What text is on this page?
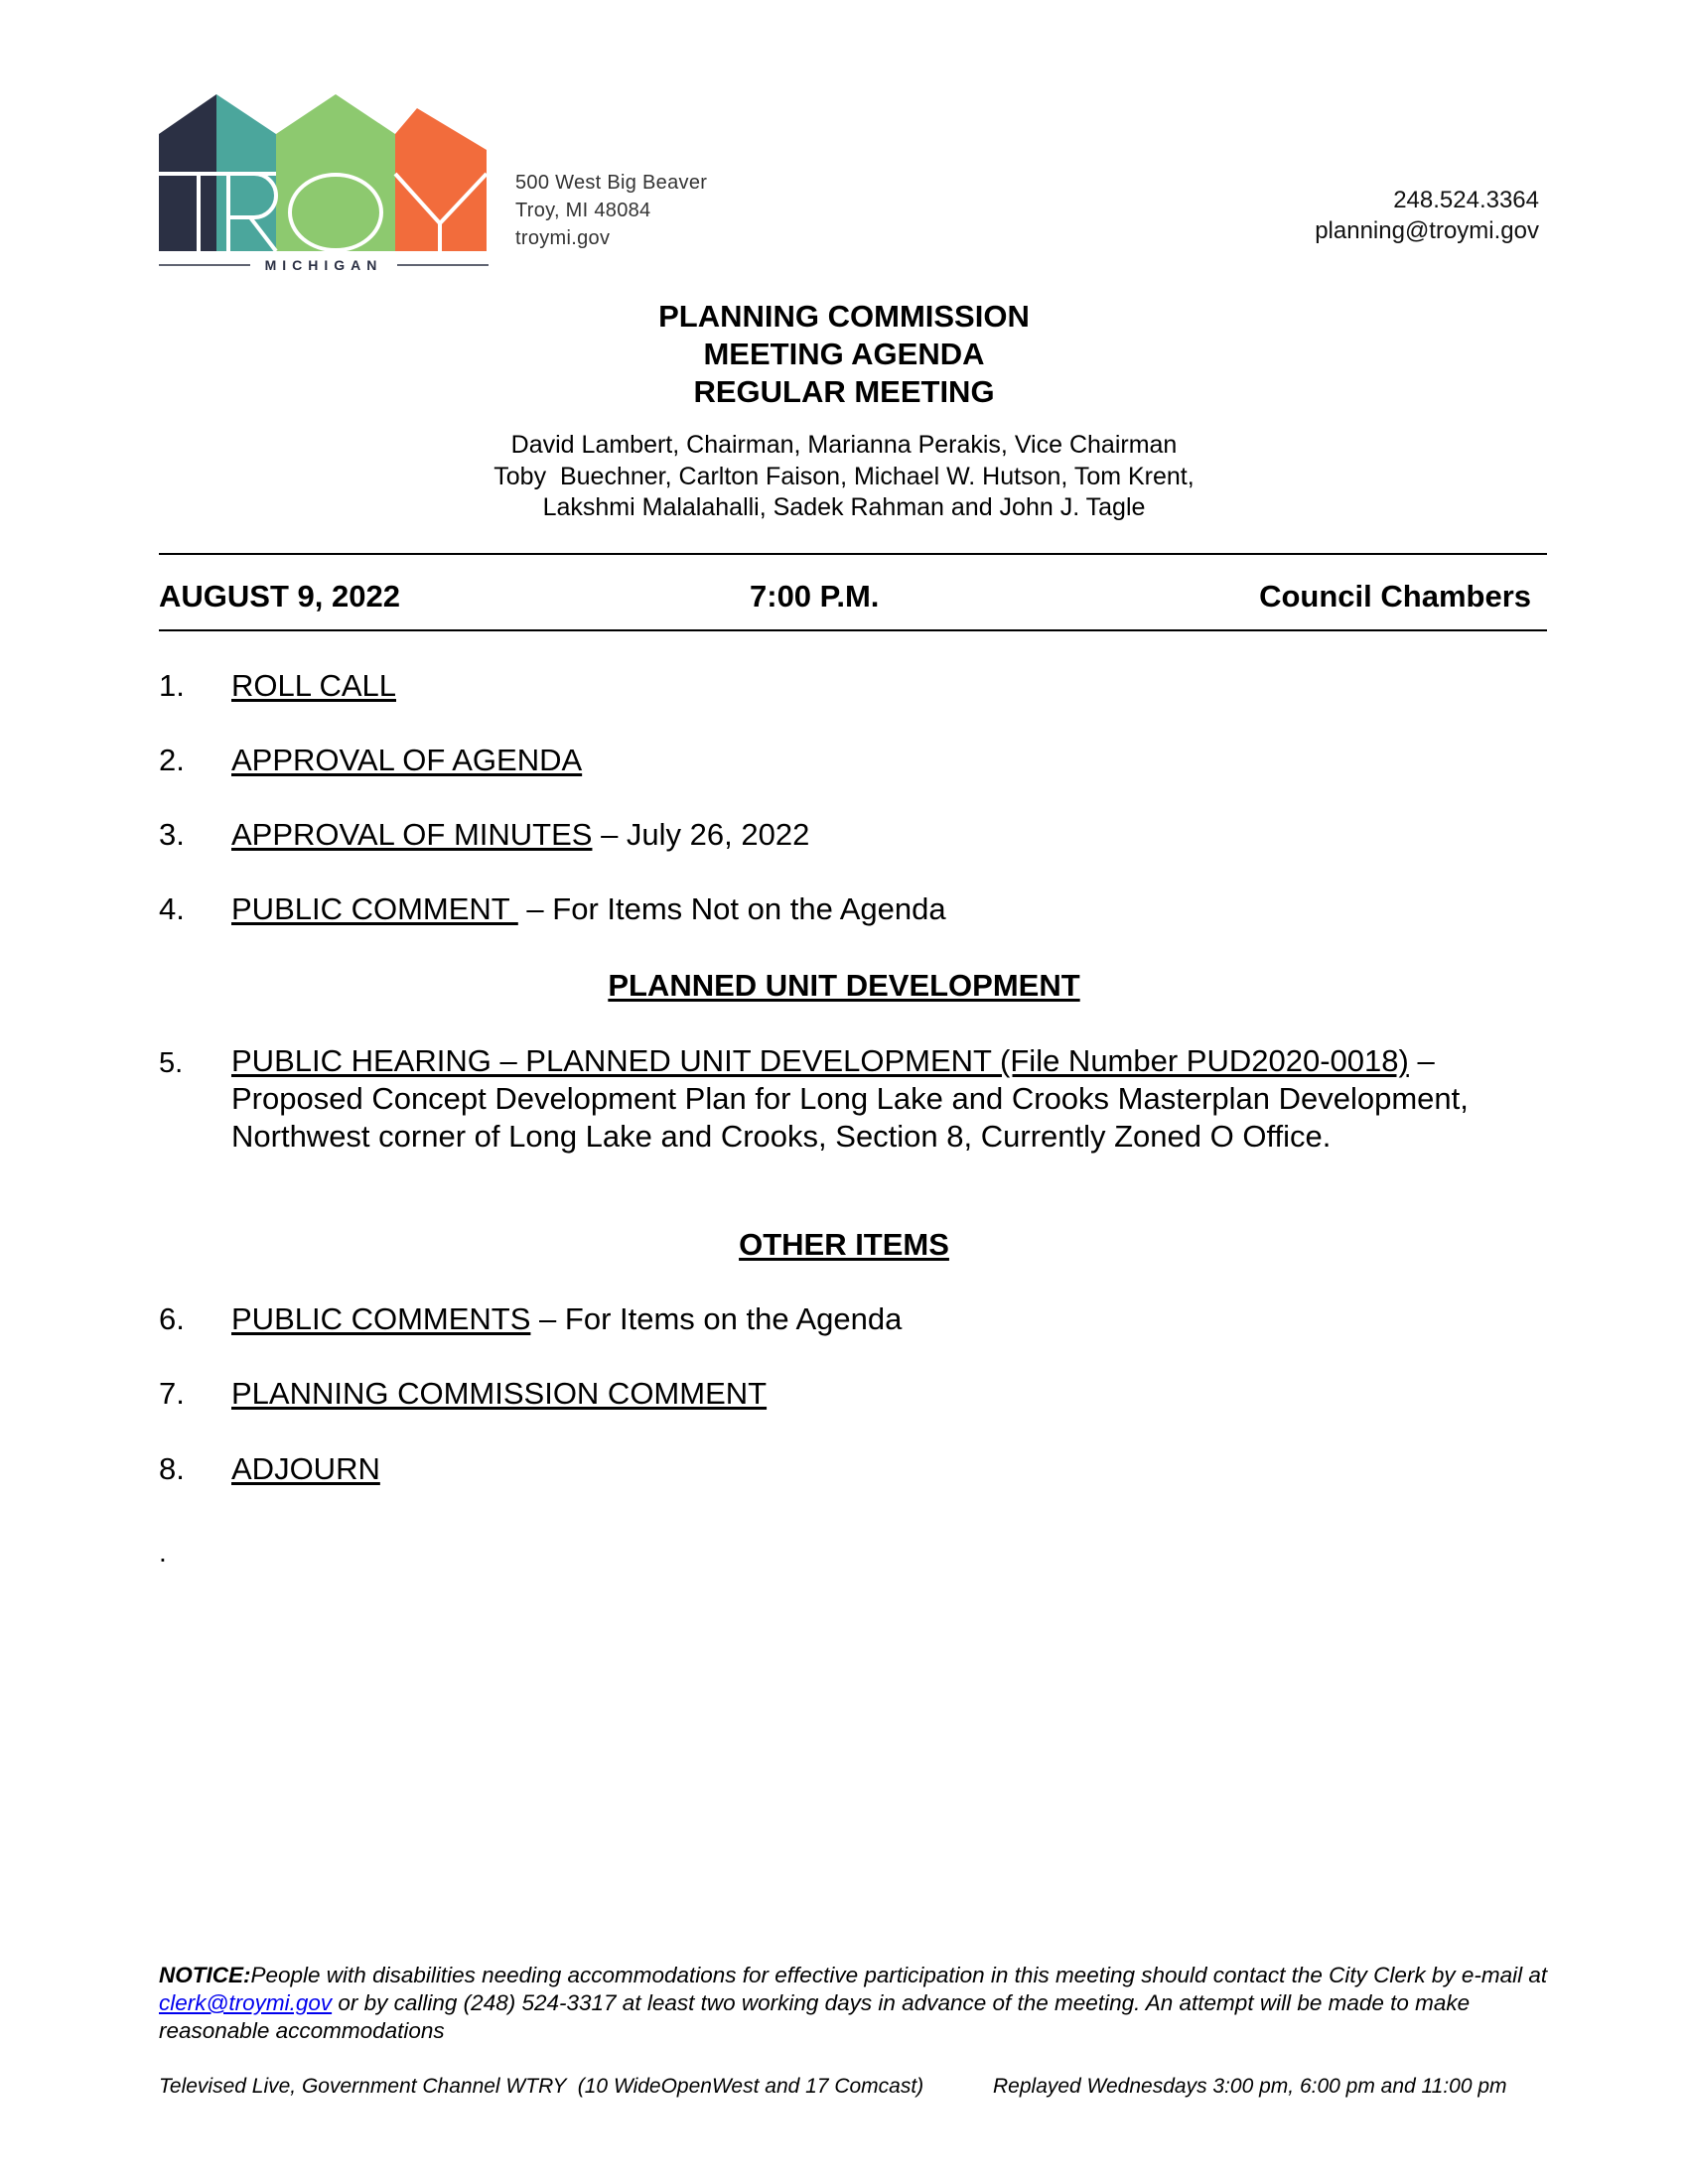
MICHIGAN
500 West Big Beaver
Troy, MI 48084
troymi.gov
248.524.3364
planning@troymi.gov
PLANNING COMMISSION
MEETING AGENDA
REGULAR MEETING
David Lambert, Chairman, Marianna Perakis, Vice Chairman
Toby  Buechner, Carlton Faison, Michael W. Hutson, Tom Krent,
Lakshmi Malalahalli, Sadek Rahman and John J. Tagle
AUGUST 9, 2022	7:00 P.M.	Council Chambers
1. ROLL CALL
2. APPROVAL OF AGENDA
3. APPROVAL OF MINUTES – July 26, 2022
4. PUBLIC COMMENT  – For Items Not on the Agenda
PLANNED UNIT DEVELOPMENT
5. PUBLIC HEARING – PLANNED UNIT DEVELOPMENT (File Number PUD2020-0018) – Proposed Concept Development Plan for Long Lake and Crooks Masterplan Development, Northwest corner of Long Lake and Crooks, Section 8, Currently Zoned O Office.
OTHER ITEMS
6. PUBLIC COMMENTS – For Items on the Agenda
7. PLANNING COMMISSION COMMENT
8. ADJOURN
.
NOTICE:People with disabilities needing accommodations for effective participation in this meeting should contact the City Clerk by e-mail at clerk@troymi.gov or by calling (248) 524-3317 at least two working days in advance of the meeting. An attempt will be made to make reasonable accommodations
Televised Live, Government Channel WTRY  (10 WideOpenWest and 17 Comcast)	Replayed Wednesdays 3:00 pm, 6:00 pm and 11:00 pm
